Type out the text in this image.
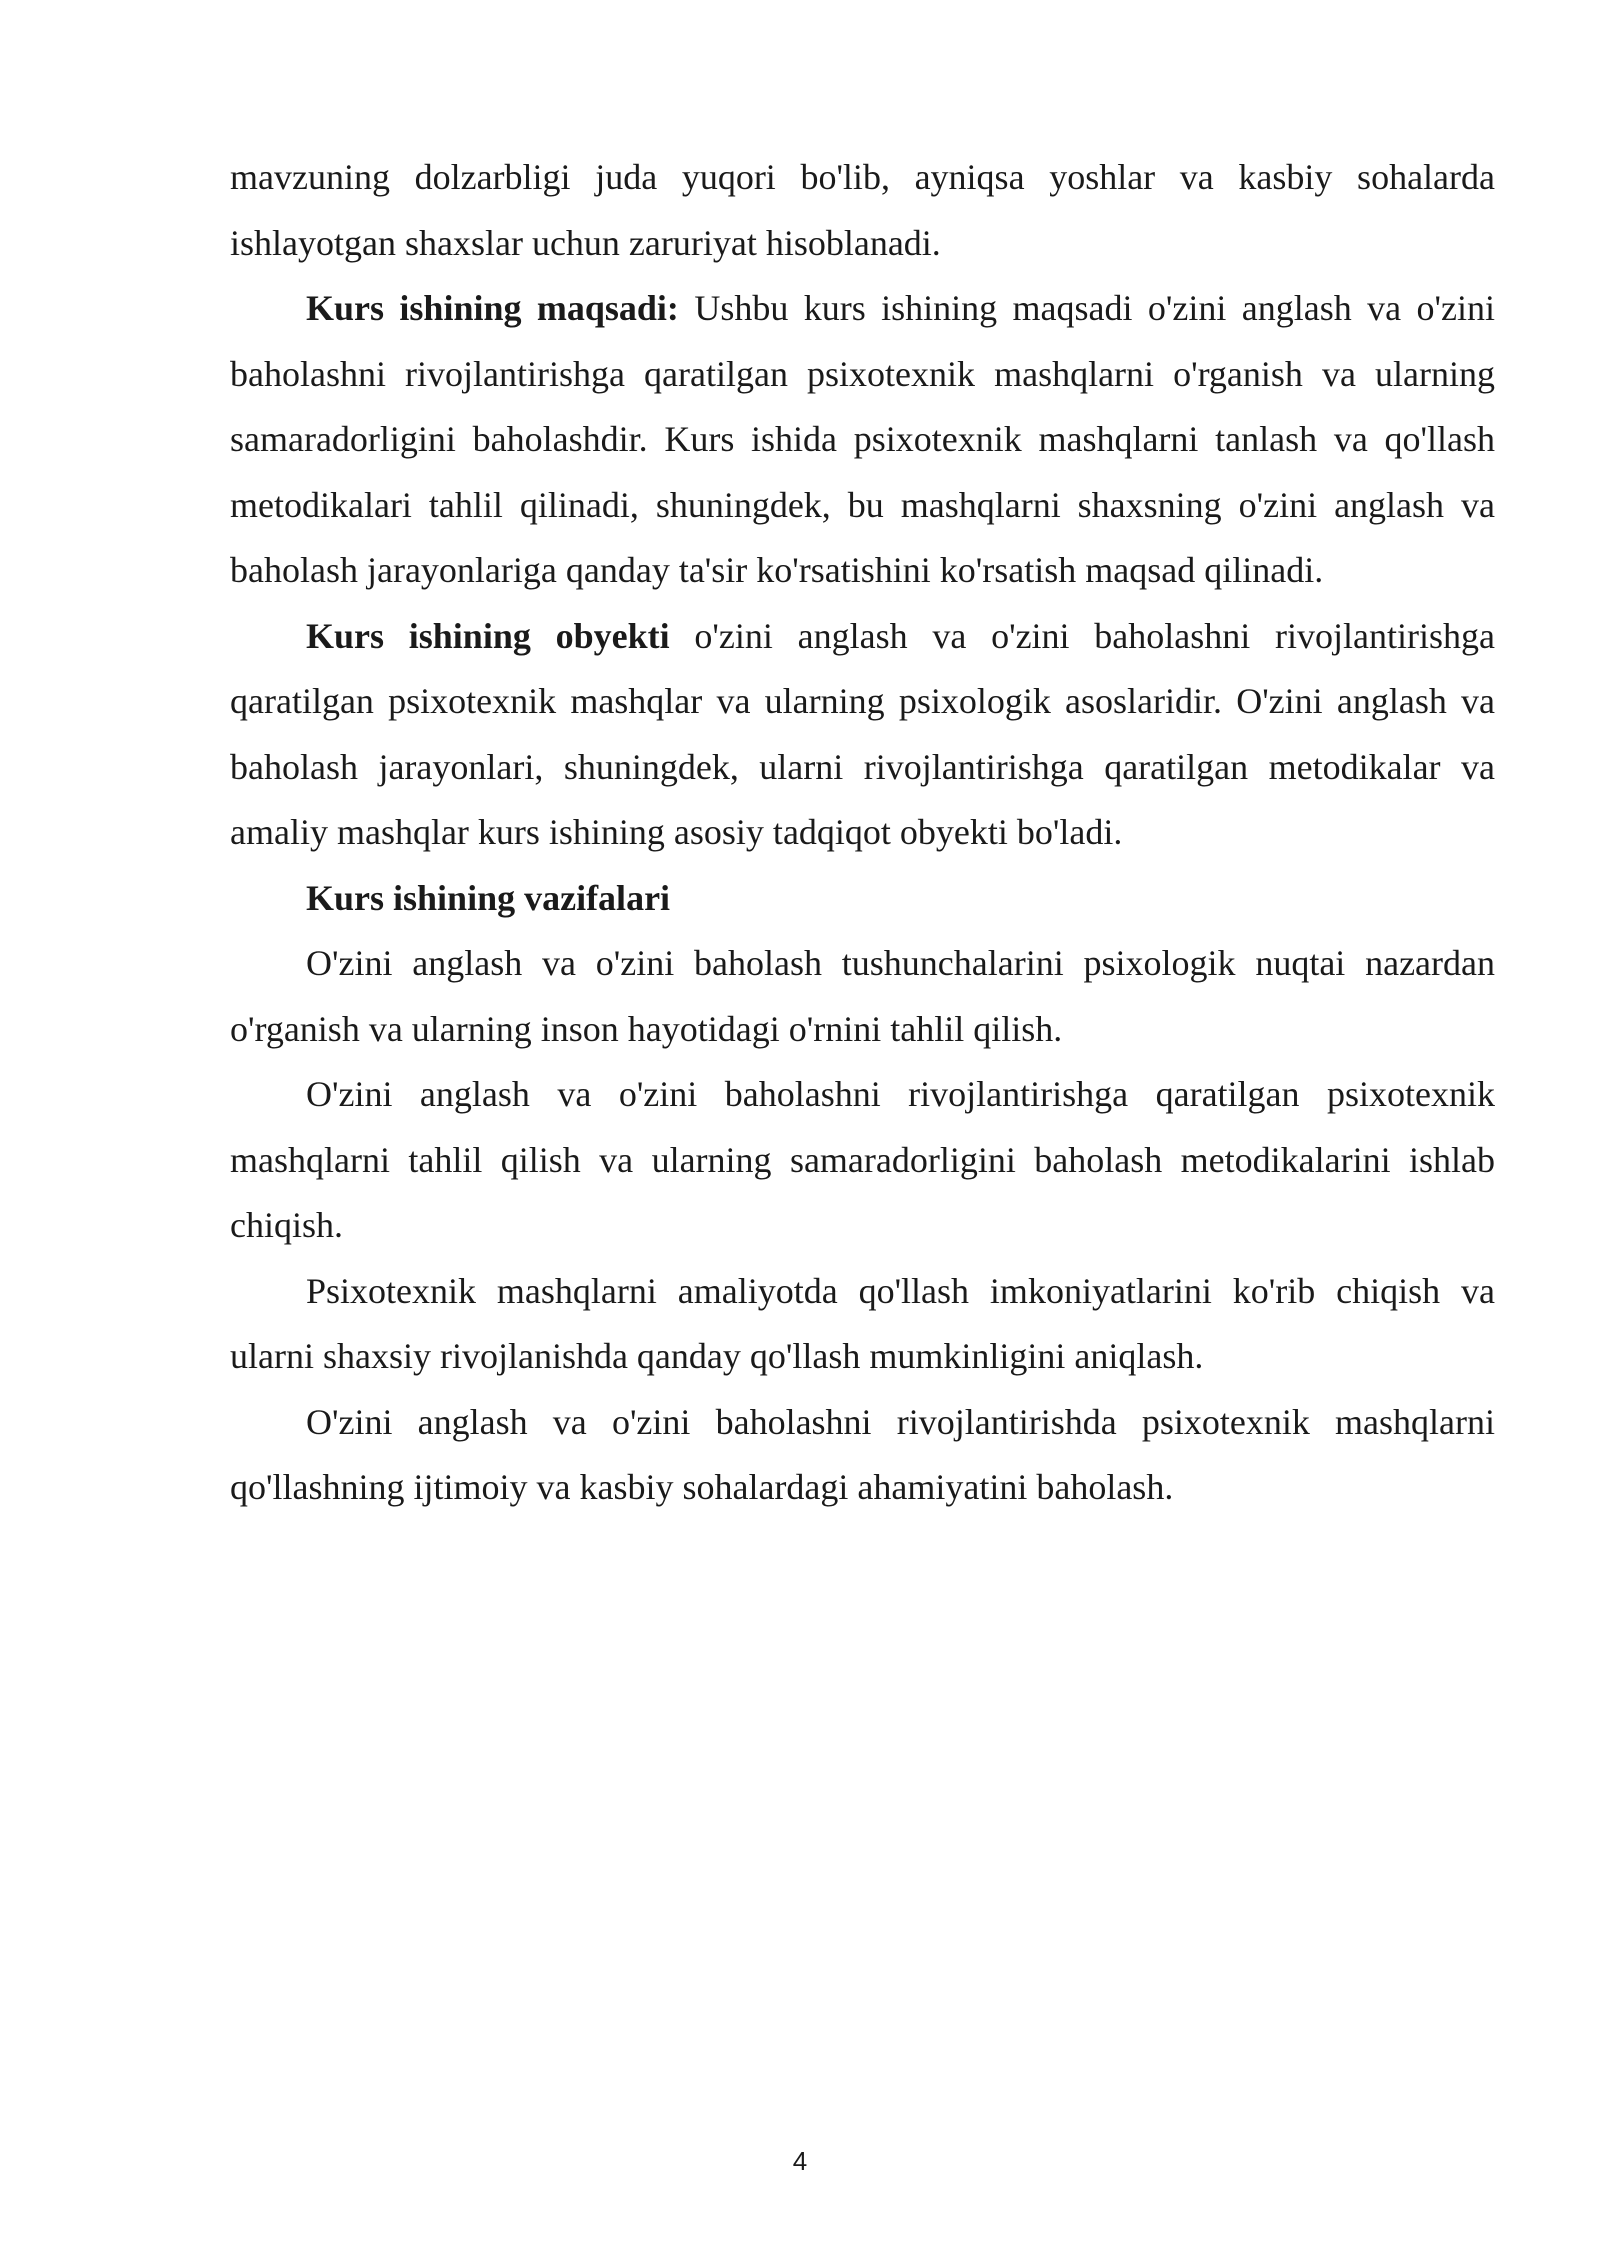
mavzuning dolzarbligi juda yuqori bo'lib, ayniqsa yoshlar va kasbiy sohalarda ishlayotgan shaxslar uchun zaruriyat hisoblanadi.

Kurs ishining maqsadi: Ushbu kurs ishining maqsadi o'zini anglash va o'zini baholashni rivojlantirishga qaratilgan psixotexnik mashqlarni o'rganish va ularning samaradorligini baholashdir. Kurs ishida psixotexnik mashqlarni tanlash va qo'llash metodikalari tahlil qilinadi, shuningdek, bu mashqlarni shaxsning o'zini anglash va baholash jarayonlariga qanday ta'sir ko'rsatishini ko'rsatish maqsad qilinadi.

Kurs ishining obyekti o'zini anglash va o'zini baholashni rivojlantirishga qaratilgan psixotexnik mashqlar va ularning psixologik asoslaridir. O'zini anglash va baholash jarayonlari, shuningdek, ularni rivojlantirishga qaratilgan metodikalar va amaliy mashqlar kurs ishining asosiy tadqiqot obyekti bo'ladi.

Kurs ishining vazifalari

O'zini anglash va o'zini baholash tushunchalarini psixologik nuqtai nazardan o'rganish va ularning inson hayotidagi o'rnini tahlil qilish.

O'zini anglash va o'zini baholashni rivojlantirishga qaratilgan psixotexnik mashqlarni tahlil qilish va ularning samaradorligini baholash metodikalarini ishlab chiqish.

Psixotexnik mashqlarni amaliyotda qo'llash imkoniyatlarini ko'rib chiqish va ularni shaxsiy rivojlanishda qanday qo'llash mumkinligini aniqlash.

O'zini anglash va o'zini baholashni rivojlantirishda psixotexnik mashqlarni qo'llashning ijtimoiy va kasbiy sohalardagi ahamiyatini baholash.

4
